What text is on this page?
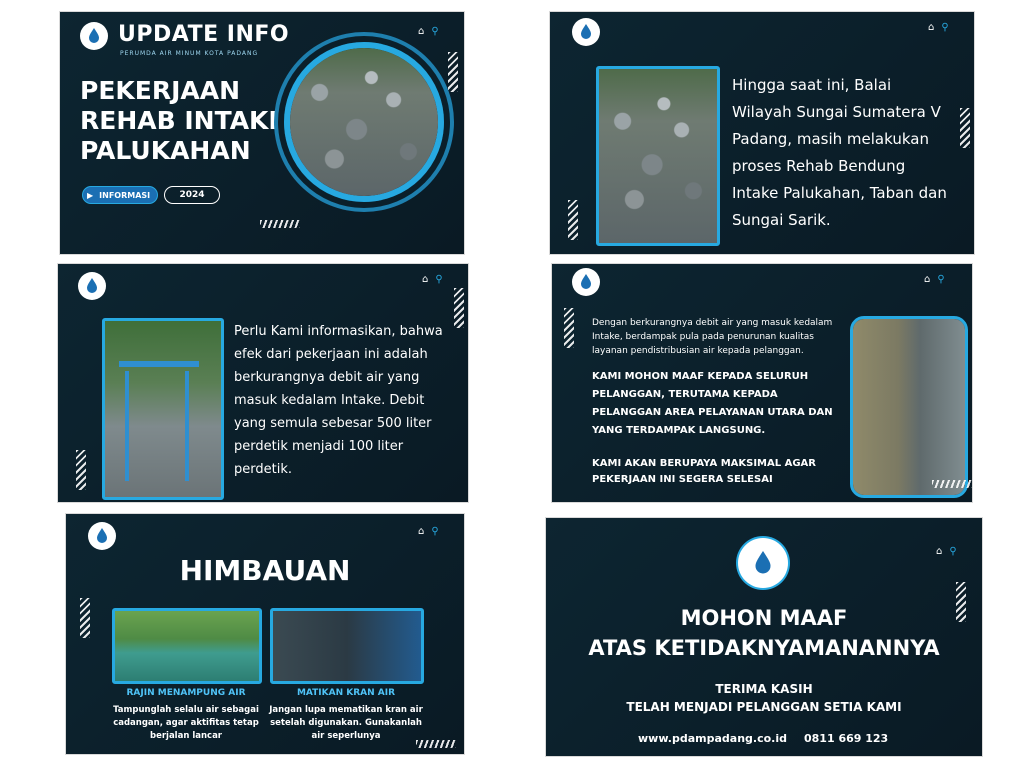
UPDATE INFO
PERUMDA AIR MINUM KOTA PADANG
⌂ ⚲
PEKERJAAN
REHAB INTAKE
PALUKAHAN
▶ INFORMASI	2024
⌂ ⚲
Hingga saat ini, Balai Wilayah Sungai Sumatera V Padang, masih melakukan proses Rehab Bendung Intake Palukahan, Taban dan Sungai Sarik.
⌂ ⚲
Perlu Kami informasikan, bahwa efek dari pekerjaan ini adalah berkurangnya debit air yang masuk kedalam Intake. Debit yang semula sebesar 500 liter perdetik menjadi 100 liter perdetik.
⌂ ⚲
Dengan berkurangnya debit air yang masuk kedalam Intake, berdampak pula pada penurunan kualitas layanan pendistribusian air kepada pelanggan.
KAMI MOHON MAAF KEPADA SELURUH PELANGGAN, TERUTAMA KEPADA PELANGGAN AREA PELAYANAN UTARA DAN YANG TERDAMPAK LANGSUNG.
KAMI AKAN BERUPAYA MAKSIMAL AGAR PEKERJAAN INI SEGERA SELESAI
⌂ ⚲
HIMBAUAN
RAJIN MENAMPUNG AIR
Tampunglah selalu air sebagai cadangan, agar aktifitas tetap berjalan lancar
MATIKAN KRAN AIR
Jangan lupa mematikan kran air setelah digunakan. Gunakanlah air seperlunya
⌂ ⚲
MOHON MAAF
ATAS KETIDAKNYAMANANNYA
TERIMA KASIH
TELAH MENJADI PELANGGAN SETIA KAMI
www.pdampadang.co.id 0811 669 123
